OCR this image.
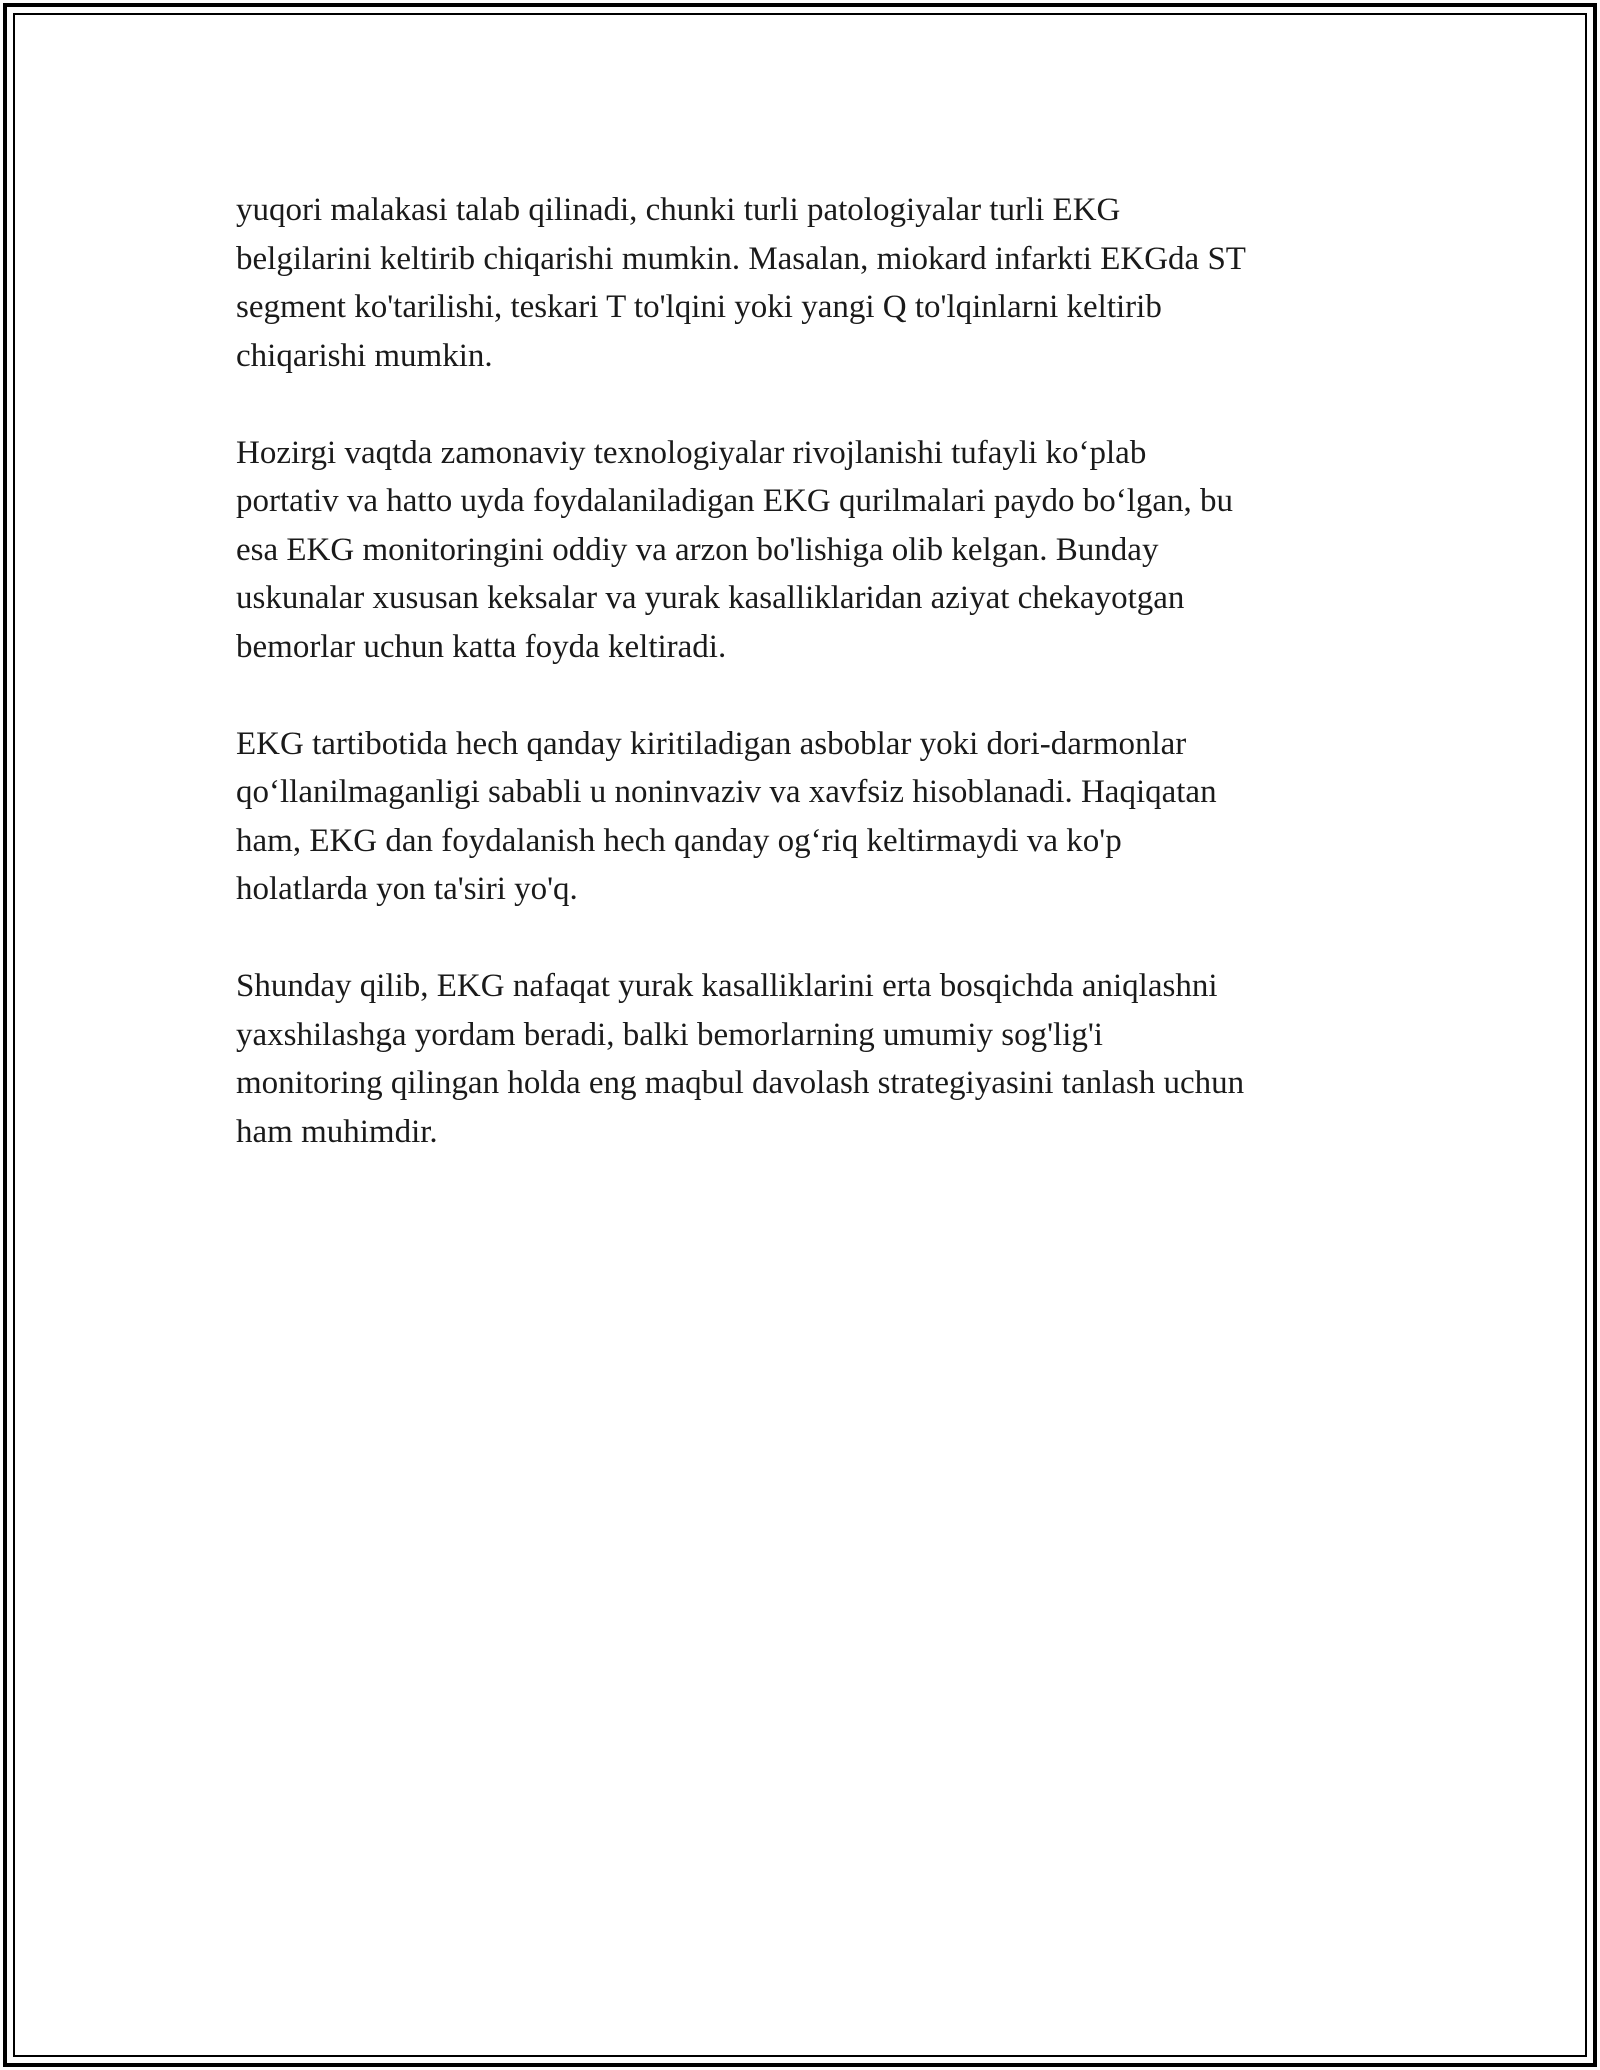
yuqori malakasi talab qilinadi, chunki turli patologiyalar turli EKG
belgilarini keltirib chiqarishi mumkin. Masalan, miokard infarkti EKGda ST
segment ko'tarilishi, teskari T to'lqini yoki yangi Q to'lqinlarni keltirib
chiqarishi mumkin.

Hozirgi vaqtda zamonaviy texnologiyalar rivojlanishi tufayli ko‘plab
portativ va hatto uyda foydalaniladigan EKG qurilmalari paydo bo‘lgan, bu
esa EKG monitoringini oddiy va arzon bo'lishiga olib kelgan. Bunday
uskunalar xususan keksalar va yurak kasalliklaridan aziyat chekayotgan
bemorlar uchun katta foyda keltiradi.

EKG tartibotida hech qanday kiritiladigan asboblar yoki dori-darmonlar
qo‘llanilmaganligi sababli u noninvaziv va xavfsiz hisoblanadi. Haqiqatan
ham, EKG dan foydalanish hech qanday og‘riq keltirmaydi va ko'p
holatlarda yon ta'siri yo'q.

Shunday qilib, EKG nafaqat yurak kasalliklarini erta bosqichda aniqlashni
yaxshilashga yordam beradi, balki bemorlarning umumiy sog'lig'i
monitoring qilingan holda eng maqbul davolash strategiyasini tanlash uchun
ham muhimdir.
